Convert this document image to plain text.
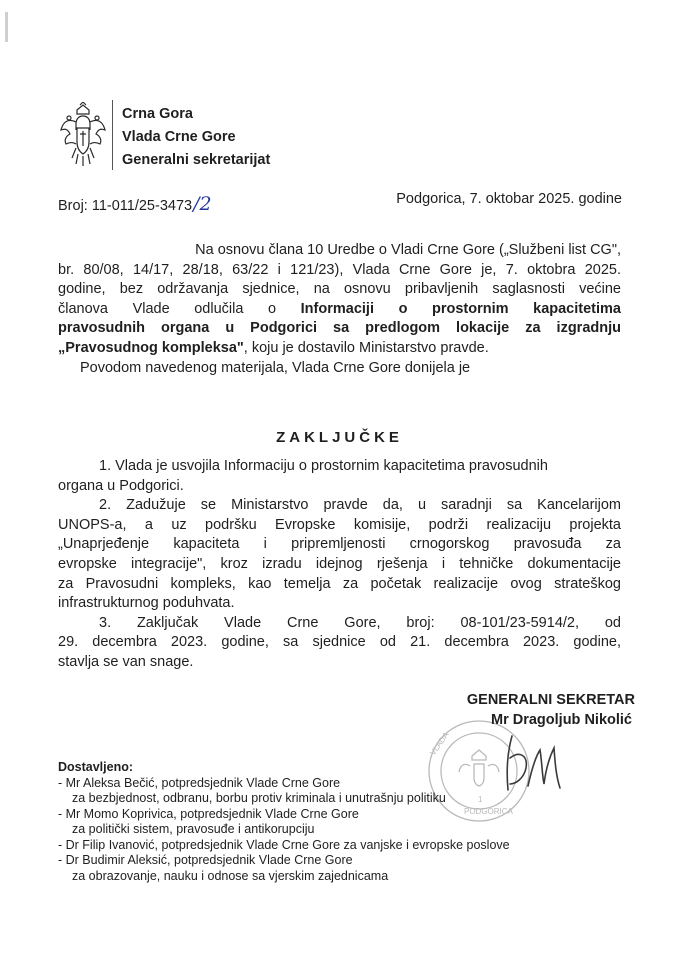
Crna Gora
Vlada Crne Gore
Generalni sekretarijat
Broj: 11-011/25-3473/2	Podgorica, 7. oktobar 2025. godine
Na osnovu člana 10 Uredbe o Vladi Crne Gore („Službeni list CG",
br. 80/08, 14/17, 28/18, 63/22 i 121/23), Vlada Crne Gore je, 7. oktobra 2025.
godine, bez održavanja sjednice, na osnovu pribavljenih saglasnosti većine
članova Vlade odlučila o Informaciji o prostornim kapacitetima
pravosudnih organa u Podgorici sa predlogom lokacije za izgradnju
„Pravosudnog kompleksa", koju je dostavilo Ministarstvo pravde.
Povodom navedenog materijala, Vlada Crne Gore donijela je
ZAKLJUČKE
1. Vlada je usvojila Informaciju o prostornim kapacitetima pravosudnih
organa u Podgorici.
2. Zadužuje se Ministarstvo pravde da, u saradnji sa Kancelarijom
UNOPS-a, a uz podršku Evropske komisije, podrži realizaciju projekta
„Unaprjeđenje kapaciteta i pripremljenosti crnogorskog pravosuđa za
evropske integracije", kroz izradu idejnog rješenja i tehničke dokumentacije
za Pravosudni kompleks, kao temelja za početak realizacije ovog strateškog
infrastrukturnog poduhvata.
3. Zaključak Vlade Crne Gore, broj: 08-101/23-5914/2, od
29. decembra 2023. godine, sa sjednice od 21. decembra 2023. godine,
stavlja se van snage.
VLADA
PODGORICA
1
GENERALNI SEKRETAR
Mr Dragoljub Nikolić
Dostavljeno:
- Mr Aleksa Bečić, potpredsjednik Vlade Crne Gore
za bezbjednost, odbranu, borbu protiv kriminala i unutrašnju politiku
- Mr Momo Koprivica, potpredsjednik Vlade Crne Gore
za politički sistem, pravosuđe i antikorupciju
- Dr Filip Ivanović, potpredsjednik Vlade Crne Gore za vanjske i evropske poslove
- Dr Budimir Aleksić, potpredsjednik Vlade Crne Gore
za obrazovanje, nauku i odnose sa vjerskim zajednicama
